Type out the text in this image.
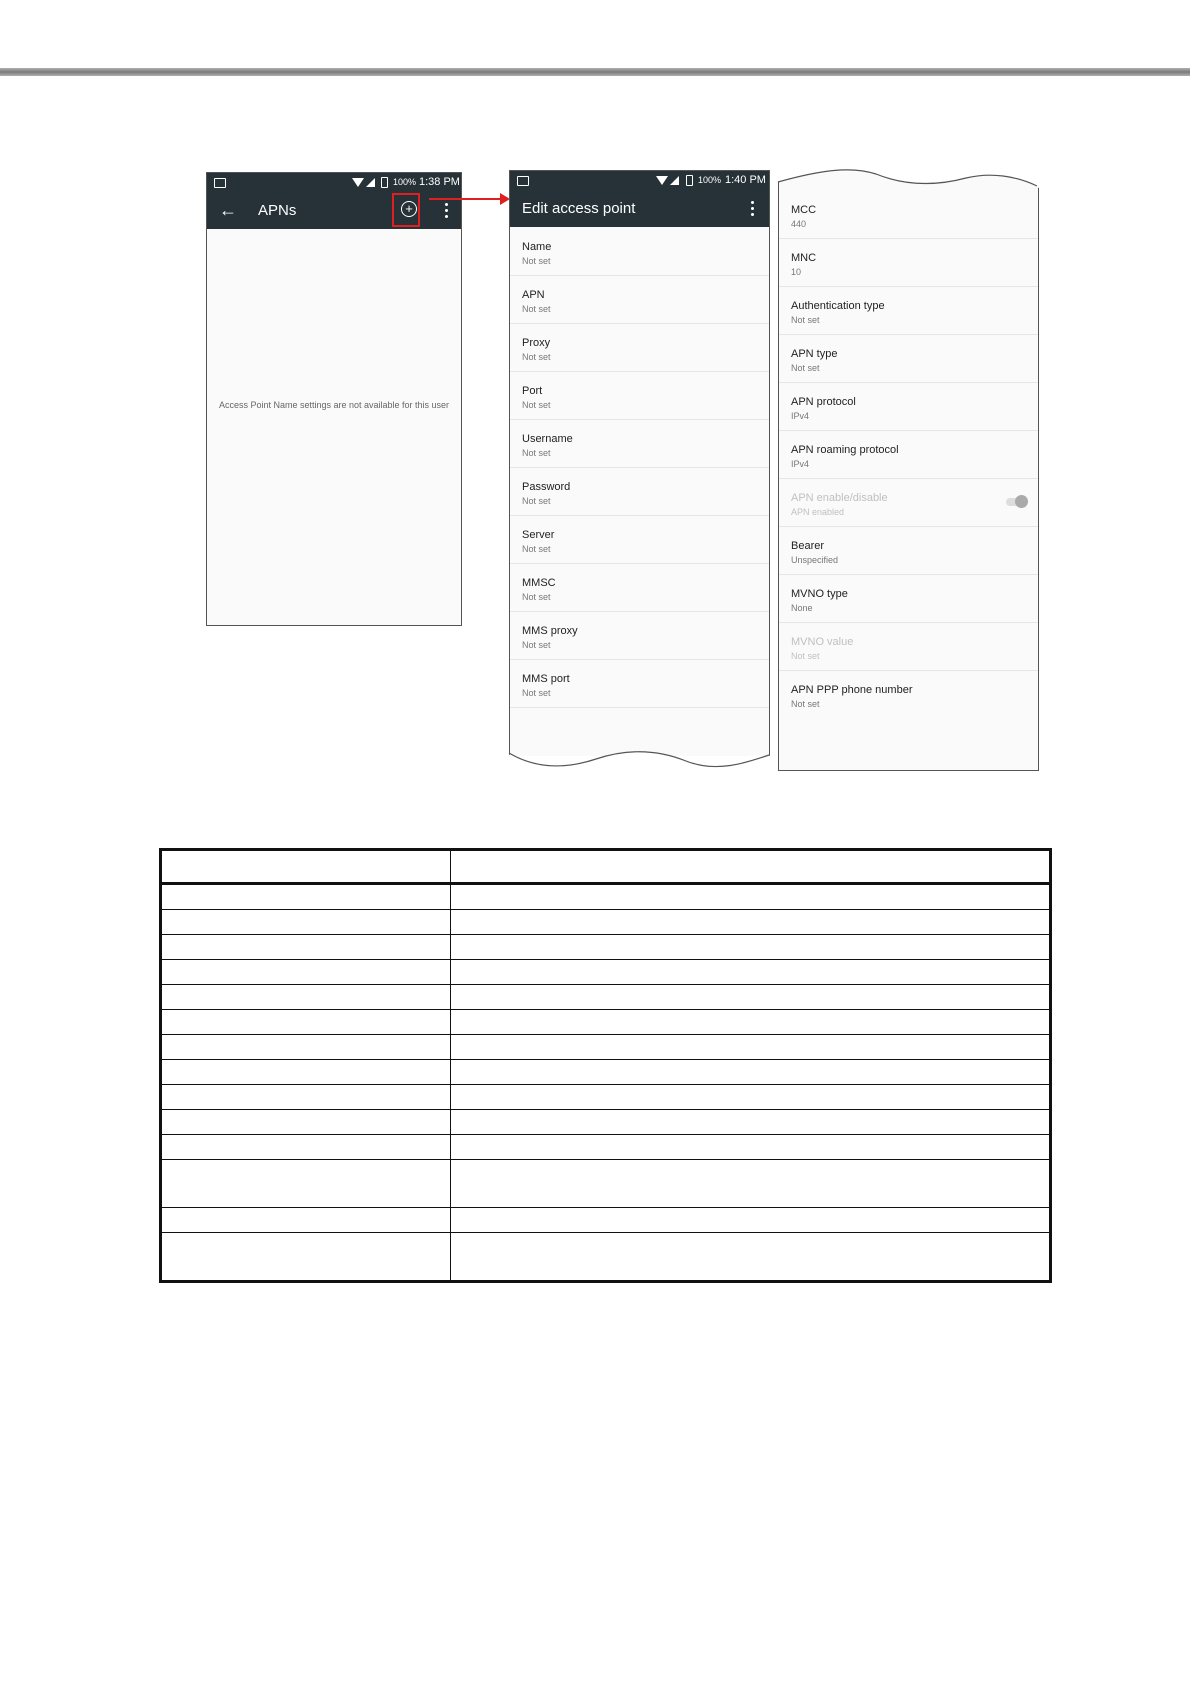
100% 1:38 PM
← APNs	+
Access Point Name settings are not available for this user
100% 1:40 PM
Edit access point
Name
Not set
APN
Not set
Proxy
Not set
Port
Not set
Username
Not set
Password
Not set
Server
Not set
MMSC
Not set
MMS proxy
Not set
MMS port
Not set
MCC
440
MNC
10
Authentication type
Not set
APN type
Not set
APN protocol
IPv4
APN roaming protocol
IPv4
APN enable/disable
APN enabled
Bearer
Unspecified
MVNO type
None
MVNO value
Not set
APN PPP phone number
Not set
